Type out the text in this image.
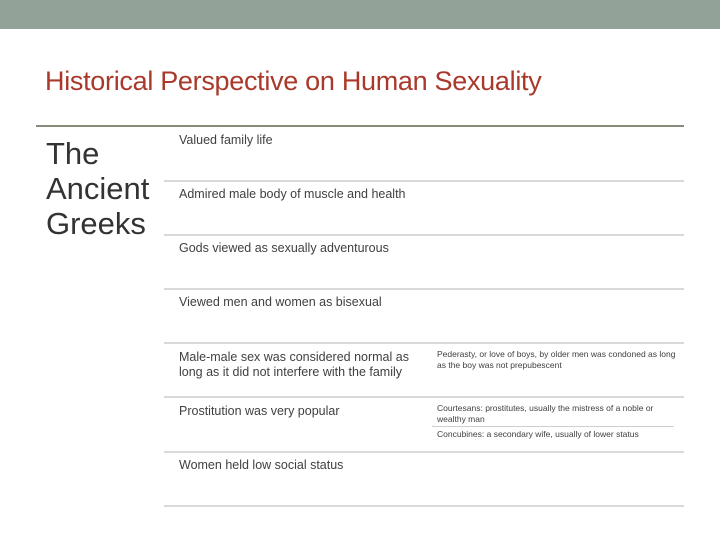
Historical Perspective on Human Sexuality
The
Ancient
Greeks
Valued family life
Admired male body of muscle and health
Gods viewed as sexually adventurous
Viewed men and women as bisexual
Male-male sex was considered normal as long as it did not interfere with the family
Pederasty, or love of boys, by older men was condoned as long as the boy was not prepubescent
Prostitution was very popular	Courtesans: prostitutes, usually the mistress of a noble or wealthy man
Concubines: a secondary wife, usually of lower status
Women held low social status
